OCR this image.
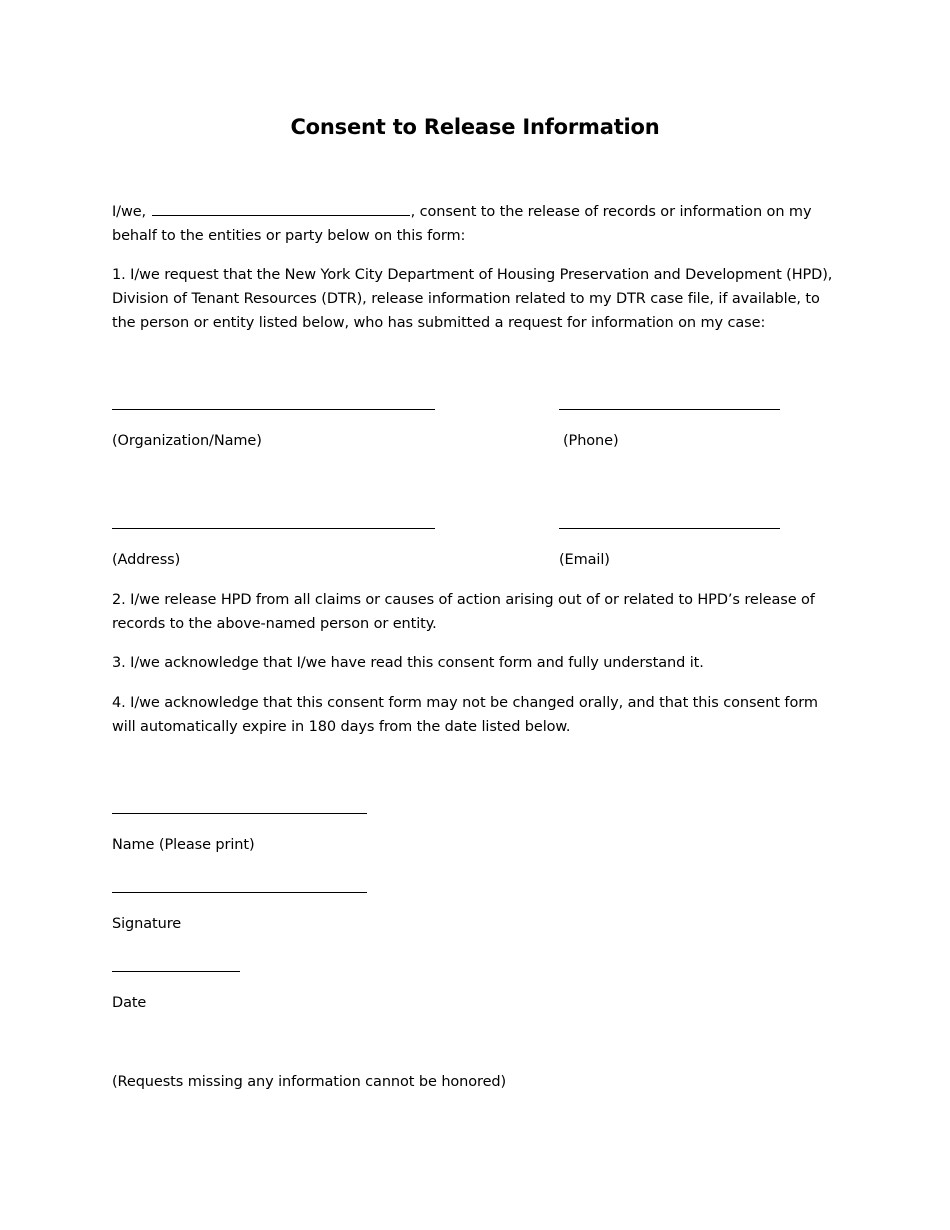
Consent to Release Information
I/we,	, consent to the release of records or information on my
behalf to the entities or party below on this form:
1. I/we request that the New York City Department of Housing Preservation and Development (HPD), Division of Tenant Resources (DTR), release information related to my DTR case file, if available, to the person or entity listed below, who has submitted a request for information on my case:
(Organization/Name)	(Phone)
(Address)	(Email)
2. I/we release HPD from all claims or causes of action arising out of or related to HPD’s release of records to the above-named person or entity.
3. I/we acknowledge that I/we have read this consent form and fully understand it.
4. I/we acknowledge that this consent form may not be changed orally, and that this consent form will automatically expire in 180 days from the date listed below.
Name (Please print)
Signature
Date
(Requests missing any information cannot be honored)
